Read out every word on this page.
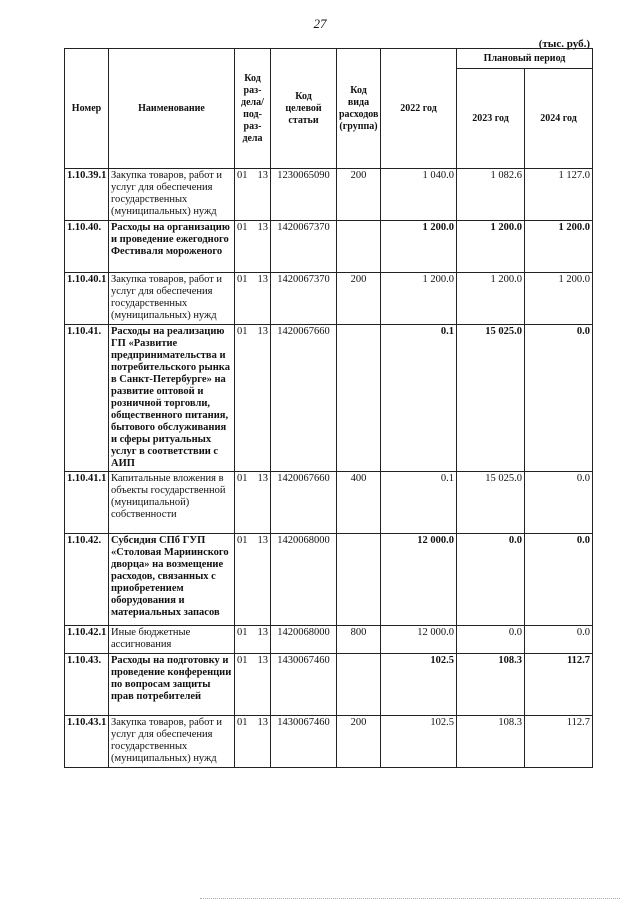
27
(тыс. руб.)
Номер	Наименование	Код раз-
дела/
под-
раз-
дела	Код
целевой
статьи	Код
вида
расходов
(группа)	2022 год	Плановый период	
						2023 год	2024 год
1.10.39.1	Закупка товаров, работ и услуг для обеспечения государственных (муниципальных) нужд	01 13	1230065090	200	1 040.0	1 082.6	1 127.0
1.10.40.	Расходы на организацию и проведение ежегодного Фестиваля мороженого	01 13	1420067370		1 200.0	1 200.0	1 200.0
1.10.40.1	Закупка товаров, работ и услуг для обеспечения государственных (муниципальных) нужд	01 13	1420067370	200	1 200.0	1 200.0	1 200.0
1.10.41.	Расходы на реализацию ГП «Развитие предпринимательства и потребительского рынка в Санкт-Петербурге» на развитие оптовой и розничной торговли, общественного питания, бытового обслуживания и сферы ритуальных услуг в соответствии с АИП	01 13	1420067660		0.1	15 025.0	0.0
1.10.41.1	Капитальные вложения в объекты государственной (муниципальной) собственности	01 13	1420067660	400	0.1	15 025.0	0.0
1.10.42.	Субсидия СПб ГУП «Столовая Мариинского дворца» на возмещение расходов, связанных с приобретением оборудования и материальных запасов	01 13	1420068000		12 000.0	0.0	0.0
1.10.42.1	Иные бюджетные ассигнования	01 13	1420068000	800	12 000.0	0.0	0.0
1.10.43.	Расходы на подготовку и проведение конференции по вопросам защиты прав потребителей	01 13	1430067460		102.5	108.3	112.7
1.10.43.1	Закупка товаров, работ и услуг для обеспечения государственных (муниципальных) нужд	01 13	1430067460	200	102.5	108.3	112.7
